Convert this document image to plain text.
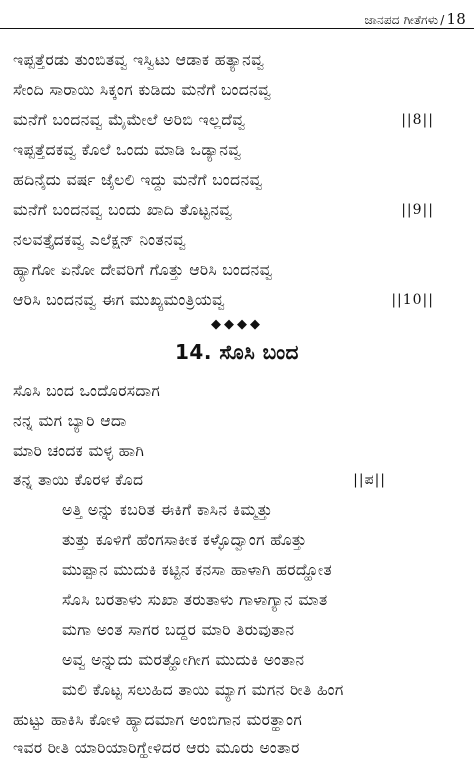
ಜಾನಪದ ಗೀತೆಗಳು / 18
ಇಪ್ಪತ್ತೆರಡು ತುಂಬಿತವ್ವ ಇಸ್ವಿಟು ಆಡಾಕ ಹತ್ಯಾನವ್ವ
ಸೇಂದಿ ಸಾರಾಯಿ ಸಿಕ್ಕಂಗ ಕುಡಿದು ಮನೆಗೆ ಬಂದನವ್ವ
ಮನೆಗೆ ಬಂದನವ್ವ ಮೈಮೇಲೆ ಅರಿಬಿ ಇಲ್ಲದೆವ್ವ	||8||
ಇಪ್ಪತ್ತೆದಕವ್ವ ಕೊಲೆ ಒಂದು ಮಾಡಿ ಒಡ್ಯಾನವ್ವ
ಹದಿನೈದು ವರ್ಷ ಜೈಲಲಿ ಇದ್ದು ಮನೆಗೆ ಬಂದನವ್ವ
ಮನೆಗೆ ಬಂದನವ್ವ ಬಂದು ಖಾದಿ ತೊಟ್ಟನವ್ವ	||9||
ನಲವತ್ತೈದಕವ್ವ ಎಲೆಕ್ಷನ್ ನಿಂತನವ್ವ
ಹ್ಯಾಗೋ ಏನೋ ದೇವರಿಗೆ ಗೊತ್ತು ಆರಿಸಿ ಬಂದನವ್ವ
ಆರಿಸಿ ಬಂದನವ್ವ ಈಗ ಮುಖ್ಯಮಂತ್ರಿಯವ್ವ	||10||
◆◆◆◆
14. ಸೊಸಿ ಬಂದ
ಸೊಸಿ ಬಂದ ಒಂದೊರಸದಾಗ
ನನ್ನ ಮಗ ಬ್ಯಾರಿ ಆದಾ
ಮಾರಿ ಚಂದಕ ಮಳ್ಳ ಹಾಗಿ
ತನ್ನ ತಾಯಿ ಕೊರಳ ಕೊದ	||ಪ||
ಅತ್ತಿ ಅನ್ನು ಕಬರಿತ ಈಕಿಗೆ ಕಾಸಿನ ಕಿಮ್ಮತ್ತು
ತುತ್ತು ಕೂಳಿಗೆ ಹೆಂಗಸಾಕೀಕ ಕಳ್ಳೊದ್ವಾಂಗ ಹೊತ್ತು
ಮುಪ್ಪಾನ ಮುದುಕಿ ಕಟ್ಟಿನ ಕನಸಾ ಹಾಳಾಗಿ ಹರದ್ಹೋತ
ಸೊಸಿ ಬರತಾಳು ಸುಖಾ ತರುತಾಳು ಗಾಳಾಗ್ಯಾನ ಮಾತ
ಮಗಾ ಅಂತ ಸಾಗರ ಬದ್ದರ ಮಾರಿ ತಿರುವುತಾನ
ಅವ್ವ ಅನ್ನುದು ಮರತ್ಹೋಗೀಗ ಮುದುಕಿ ಅಂತಾನ
ಮಲಿ ಕೊಟ್ಟ ಸಲುಹಿದ ತಾಯಿ ಮ್ಯಾಗ ಮಗನ ರೀತಿ ಹಿಂಗ
ಹುಟ್ಟು ಹಾಕಿಸಿ ಕೋಳಿ ಹ್ಯಾದಮಾಗ ಅಂಬಿಗಾನ ಮರತ್ಹಾಂಗ
ಇವರ ರೀತಿ ಯಾರಿಯಾರಿಗ್ಹೇಳಿದರ ಆರು ಮೂರು ಅಂತಾರ
